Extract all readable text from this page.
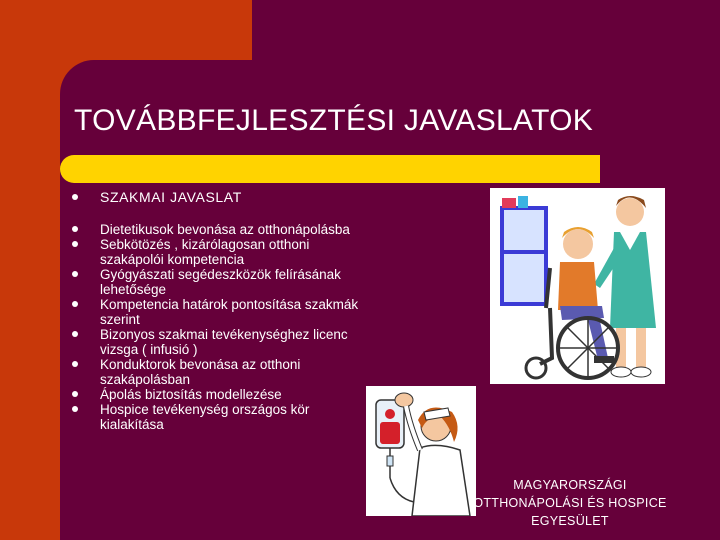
TOVÁBBFEJLESZTÉSI JAVASLATOK
SZAKMAI JAVASLAT
Dietetikusok bevonása az otthonápolásba
Sebkötözés , kizárólagosan otthoni szakápolói kompetencia
Gyógyászati segédeszközök felírásának lehetősége
Kompetencia határok pontosítása szakmák szerint
Bizonyos szakmai tevékenységhez licenc vizsga ( infusió )
Konduktorok bevonása az otthoni szakápolásban
Ápolás biztosítás modellezése
Hospice tevékenység országos kör kialakítása
MAGYARORSZÁGI
OTTHONÁPOLÁSI ÉS HOSPICE
EGYESÜLET
